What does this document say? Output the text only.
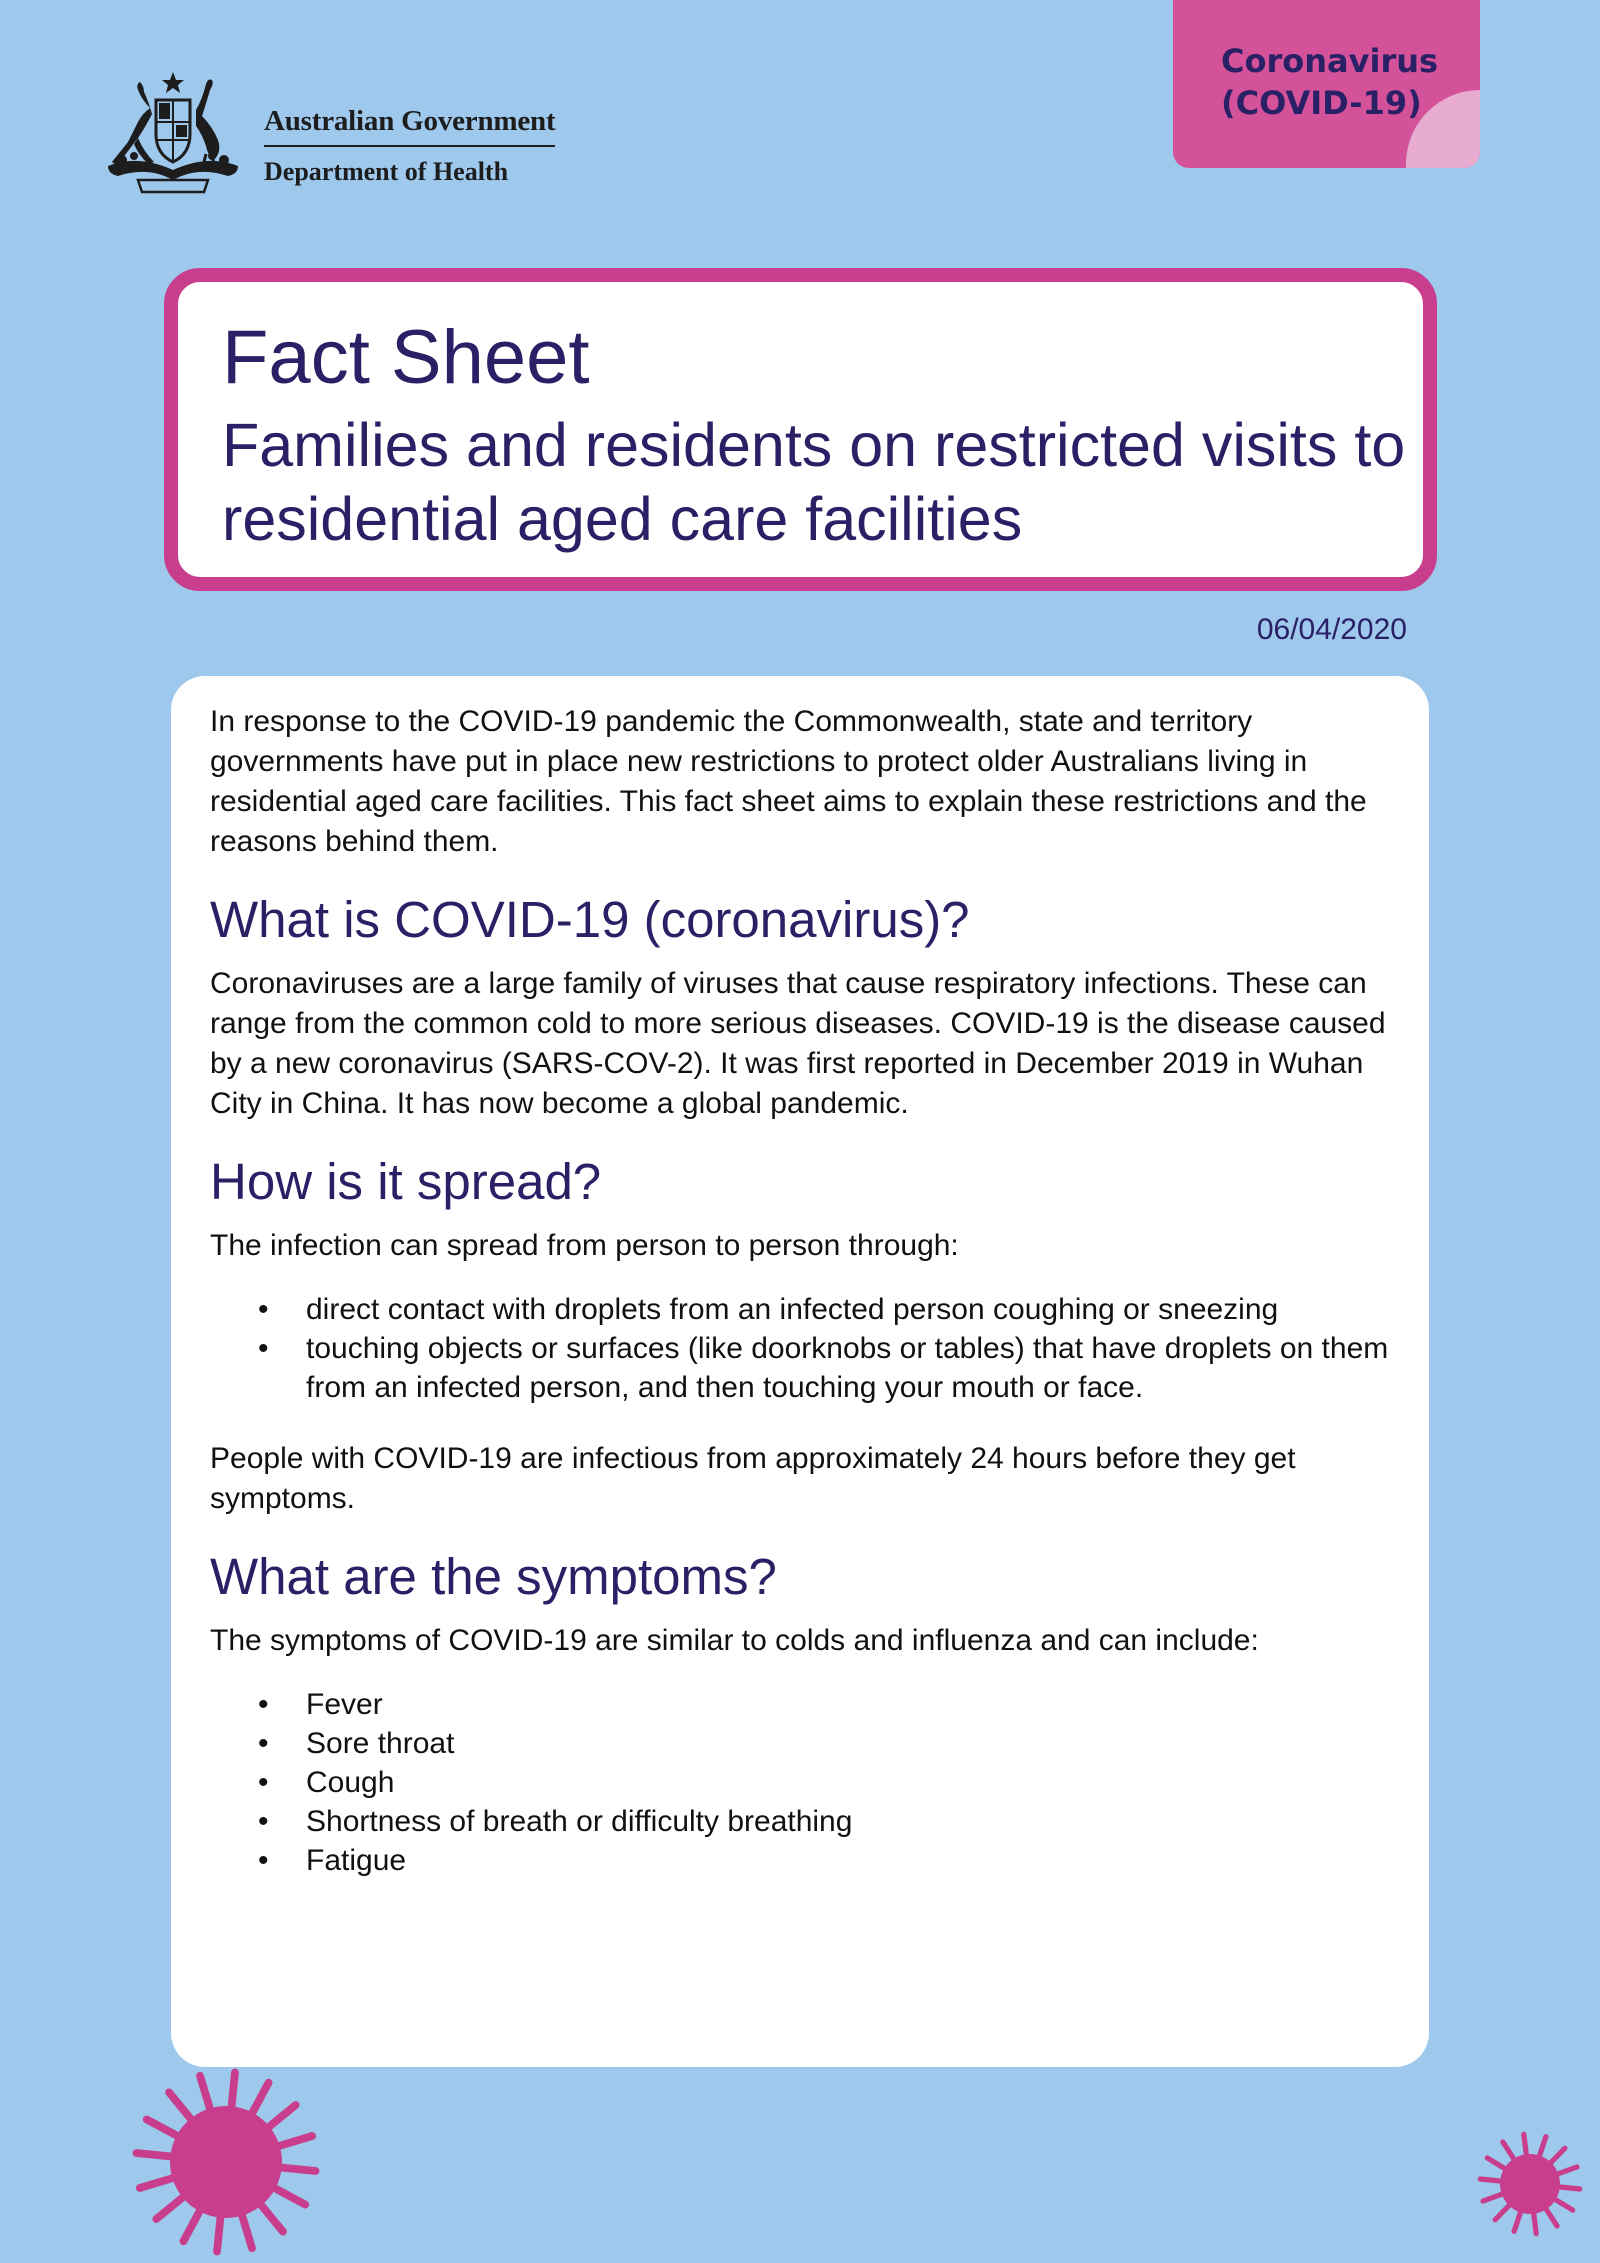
Australian Government
Department of Health
Coronavirus
(COVID-19)
Fact Sheet
Families and residents on restricted visits to residential aged care facilities
06/04/2020

In response to the COVID-19 pandemic the Commonwealth, state and territory governments have put in place new restrictions to protect older Australians living in residential aged care facilities. This fact sheet aims to explain these restrictions and the reasons behind them.

What is COVID-19 (coronavirus)?

Coronaviruses are a large family of viruses that cause respiratory infections. These can range from the common cold to more serious diseases. COVID-19 is the disease caused by a new coronavirus (SARS-COV-2). It was first reported in December 2019 in Wuhan City in China. It has now become a global pandemic.

How is it spread?

The infection can spread from person to person through:

• direct contact with droplets from an infected person coughing or sneezing
• touching objects or surfaces (like doorknobs or tables) that have droplets on them from an infected person, and then touching your mouth or face.

People with COVID-19 are infectious from approximately 24 hours before they get symptoms.

What are the symptoms?

The symptoms of COVID-19 are similar to colds and influenza and can include:

• Fever
• Sore throat
• Cough
• Shortness of breath or difficulty breathing
• Fatigue
